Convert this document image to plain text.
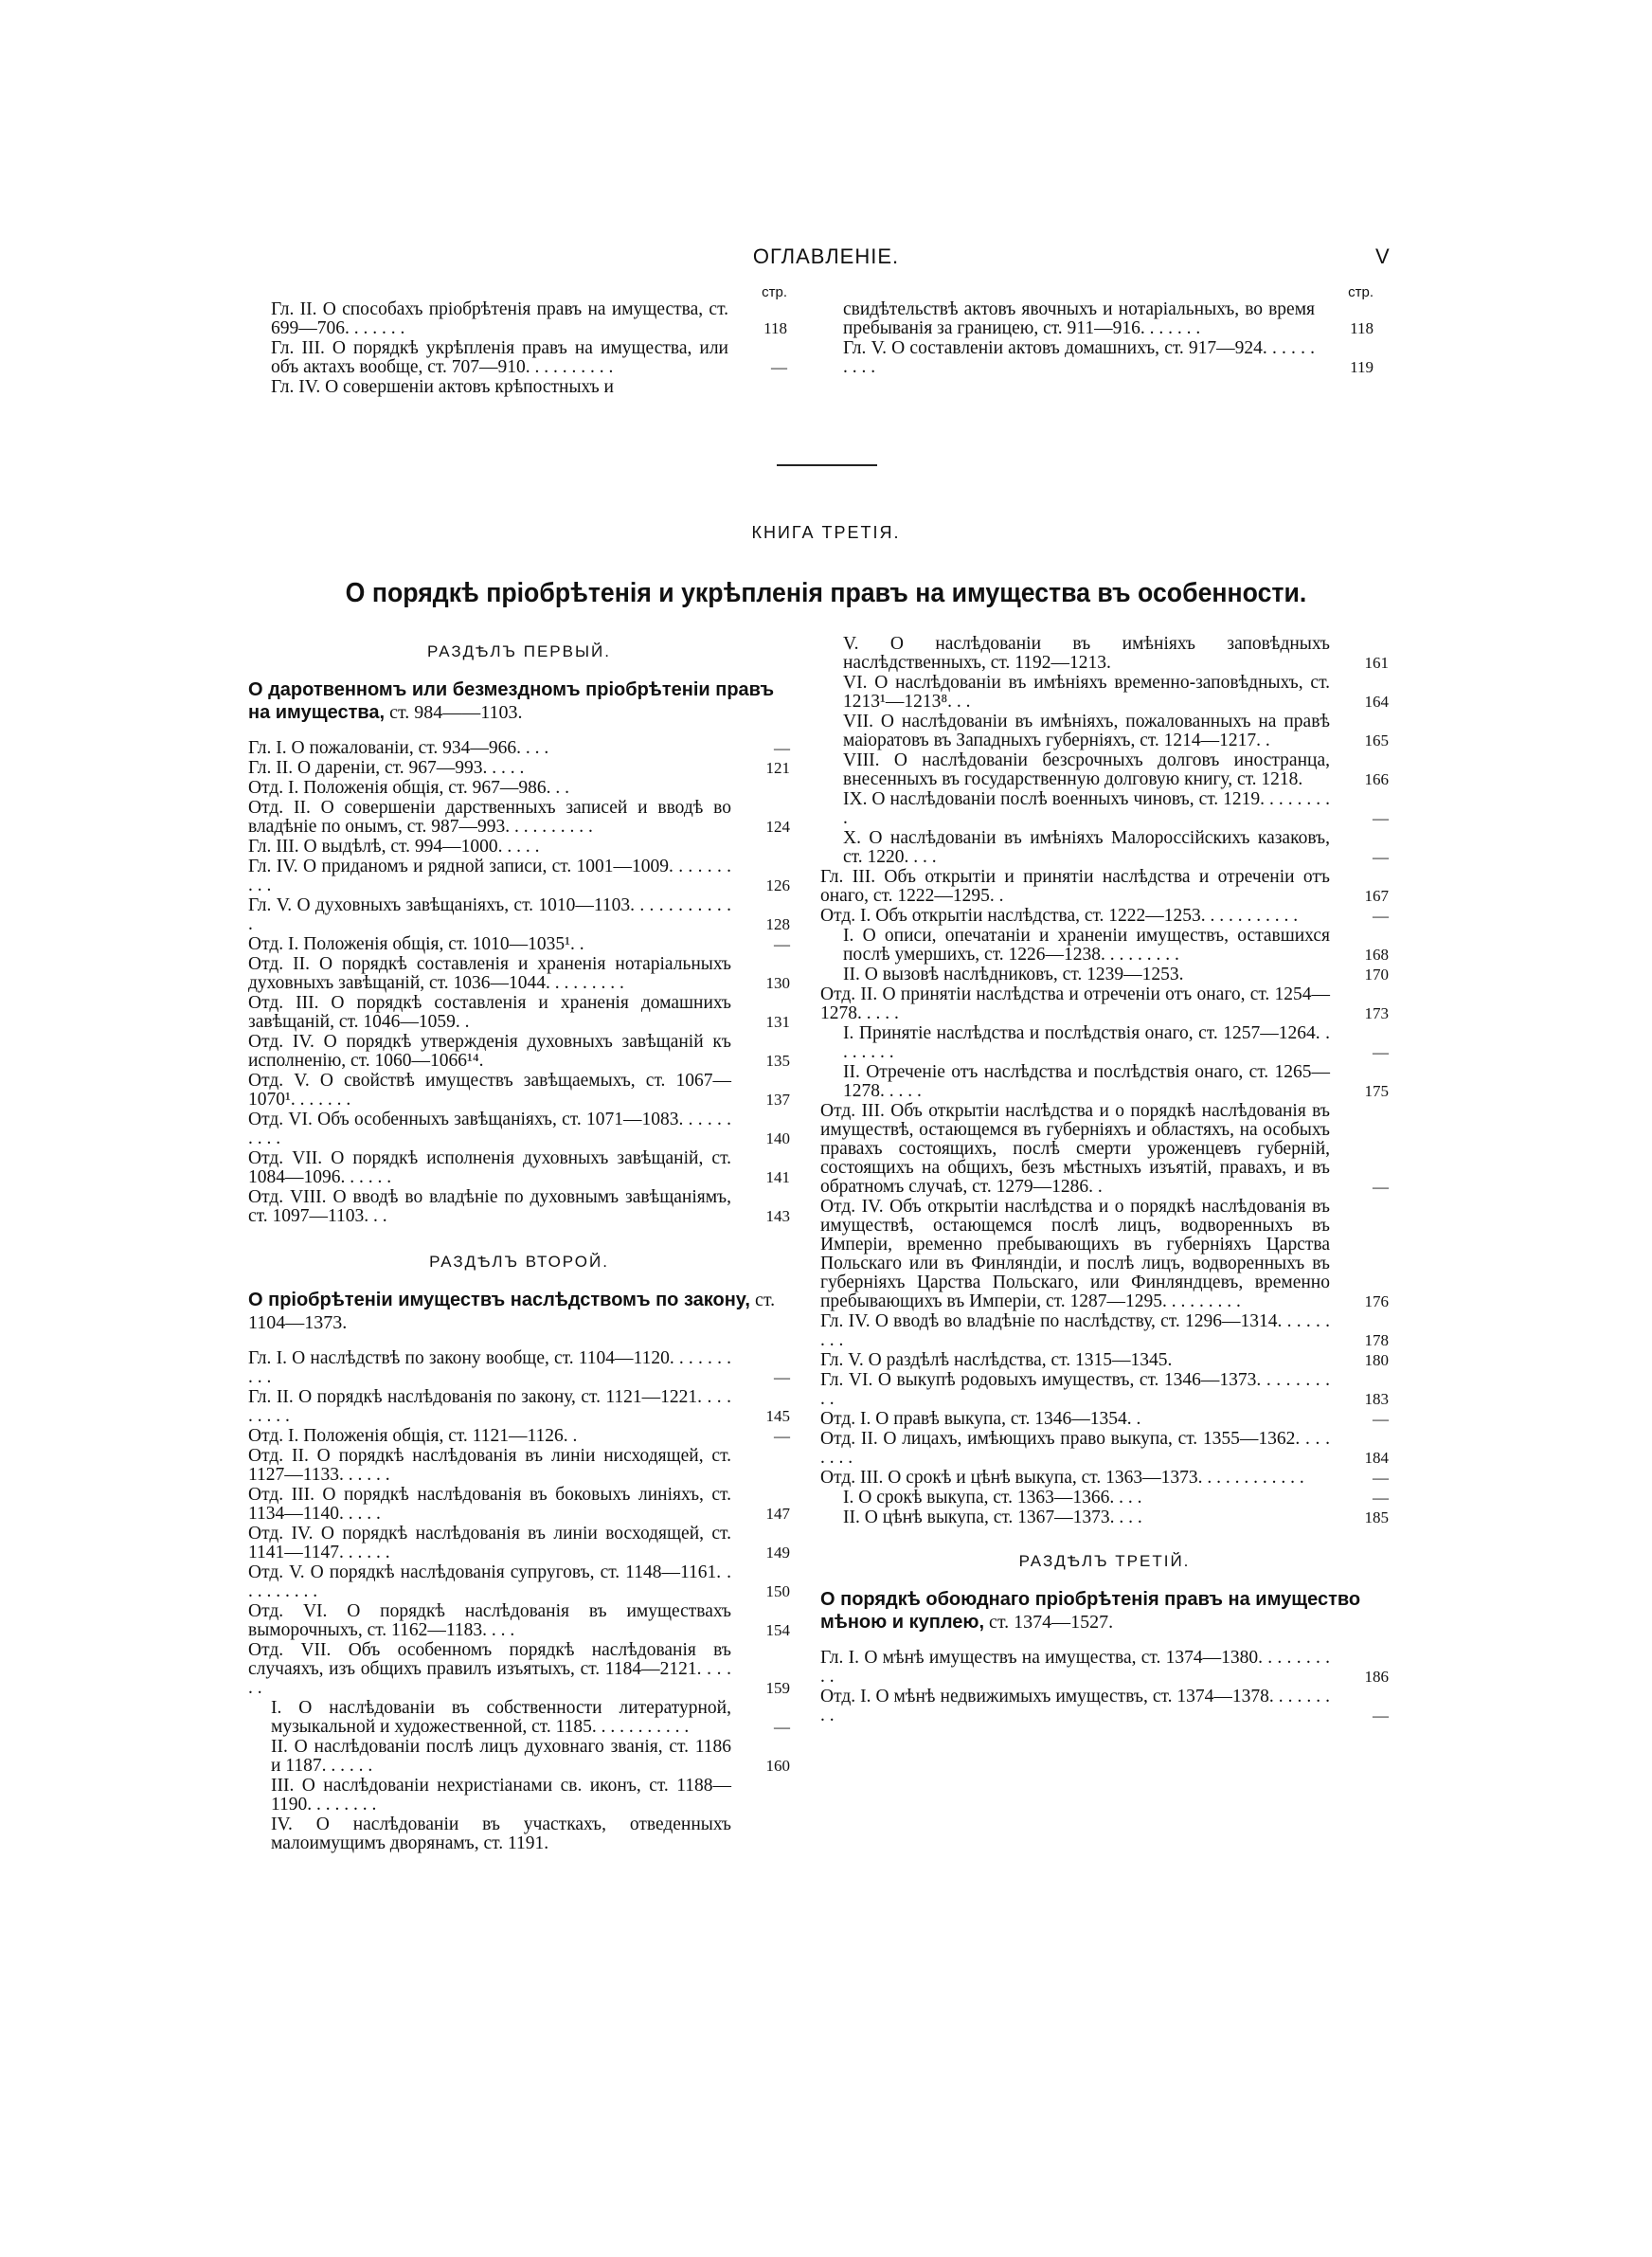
ОГЛАВЛЕНІЕ.	V
стр.
Гл. II. О способахъ пріобрѣтенія правъ на имущества, ст. 699—706. . . . . . .	118
Гл. III. О порядкѣ укрѣпленія правъ на имущества, или объ актахъ вообще, ст. 707—910. . . . . . . . . .	—
Гл. IV. О совершеніи актовъ крѣпостныхъ и
стр.
свидѣтельствѣ актовъ явочныхъ и нотаріальныхъ, во время пребыванія за границею, ст. 911—916. . . . . . .	118
Гл. V. О составленіи актовъ домашнихъ, ст. 917—924. . . . . . . . . .	119
КНИГА ТРЕТІЯ.
О порядкѣ пріобрѣтенія и укрѣпленія правъ на имущества въ особенности.
РАЗДѢЛЪ ПЕРВЫЙ.
О даротвенномъ или безмездномъ пріобрѣтеніи правъ на имущества, ст. 984——1103.
Гл. I. О пожалованіи, ст. 934—966. . . .	—
Гл. II. О дареніи, ст. 967—993. . . . .	121
Отд. I. Положенія общія, ст. 967—986. . .
Отд. II. О совершеніи дарственныхъ записей и вводѣ во владѣніе по онымъ, ст. 987—993. . . . . . . . . .	124
Гл. III. О выдѣлѣ, ст. 994—1000. . . . .
Гл. IV. О приданомъ и рядной записи, ст. 1001—1009. . . . . . . . . .	126
Гл. V. О духовныхъ завѣщаніяхъ, ст. 1010—1103. . . . . . . . . . . .	128
Отд. I. Положенія общія, ст. 1010—1035¹. .	—
Отд. II. О порядкѣ составленія и храненія нотаріальныхъ духовныхъ завѣщаній, ст. 1036—1044. . . . . . . . .	130
Отд. III. О порядкѣ составленія и храненія домашнихъ завѣщаній, ст. 1046—1059. .	131
Отд. IV. О порядкѣ утвержденія духовныхъ завѣщаній къ исполненію, ст. 1060—1066¹⁴.	135
Отд. V. О свойствѣ имуществъ завѣщаемыхъ, ст. 1067—1070¹. . . . . . .	137
Отд. VI. Объ особенныхъ завѣщаніяхъ, ст. 1071—1083. . . . . . . . . .	140
Отд. VII. О порядкѣ исполненія духовныхъ завѣщаній, ст. 1084—1096. . . . . .	141
Отд. VIII. О вводѣ во владѣніе по духовнымъ завѣщаніямъ, ст. 1097—1103. . .	143
РАЗДѢЛЪ ВТОРОЙ.
О пріобрѣтеніи имуществъ наслѣдствомъ по закону, ст. 1104—1373.
Гл. I. О наслѣдствѣ по закону вообще, ст. 1104—1120. . . . . . . . . .	—
Гл. II. О порядкѣ наслѣдованія по закону, ст. 1121—1221. . . . . . . . .	145
Отд. I. Положенія общія, ст. 1121—1126. .	—
Отд. II. О порядкѣ наслѣдованія въ линіи нисходящей, ст. 1127—1133. . . . . .
Отд. III. О порядкѣ наслѣдованія въ боковыхъ линіяхъ, ст. 1134—1140. . . . .	147
Отд. IV. О порядкѣ наслѣдованія въ линіи восходящей, ст. 1141—1147. . . . . .	149
Отд. V. О порядкѣ наслѣдованія супруговъ, ст. 1148—1161. . . . . . . . . .	150
Отд. VI. О порядкѣ наслѣдованія въ имуществахъ выморочныхъ, ст. 1162—1183. . . .	154
Отд. VII. Объ особенномъ порядкѣ наслѣдованія въ случаяхъ, изъ общихъ правилъ изъятыхъ, ст. 1184—2121. . . . . .	159
I. О наслѣдованіи въ собственности литературной, музыкальной и художественной, ст. 1185. . . . . . . . . . .	—
II. О наслѣдованіи послѣ лицъ духовнаго званія, ст. 1186 и 1187. . . . . .	160
III. О наслѣдованіи нехристіанами св. иконъ, ст. 1188—1190. . . . . . . .
IV. О наслѣдованіи въ участкахъ, отведенныхъ малоимущимъ дворянамъ, ст. 1191.
V. О наслѣдованіи въ имѣніяхъ заповѣдныхъ наслѣдственныхъ, ст. 1192—1213.	161
VI. О наслѣдованіи въ имѣніяхъ временно-заповѣдныхъ, ст. 1213¹—1213⁸. . .	164
VII. О наслѣдованіи въ имѣніяхъ, пожалованныхъ на правѣ маіоратовъ въ Западныхъ губерніяхъ, ст. 1214—1217. .	165
VIII. О наслѣдованіи безсрочныхъ долговъ иностранца, внесенныхъ въ государственную долговую книгу, ст. 1218.	166
IX. О наслѣдованіи послѣ военныхъ чиновъ, ст. 1219. . . . . . . . .	—
X. О наслѣдованіи въ имѣніяхъ Малороссійскихъ казаковъ, ст. 1220. . . .	—
Гл. III. Объ открытіи и принятіи наслѣдства и отреченіи отъ онаго, ст. 1222—1295. .	167
Отд. I. Объ открытіи наслѣдства, ст. 1222—1253. . . . . . . . . . .	—
I. О описи, опечатаніи и храненіи имуществъ, оставшихся послѣ умершихъ, ст. 1226—1238. . . . . . . . .	168
II. О вызовѣ наслѣдниковъ, ст. 1239—1253.	170
Отд. II. О принятіи наслѣдства и отреченіи отъ онаго, ст. 1254—1278. . . . .	173
I. Принятіе наслѣдства и послѣдствія онаго, ст. 1257—1264. . . . . . . .	—
II. Отреченіе отъ наслѣдства и послѣдствія онаго, ст. 1265—1278. . . . .	175
Отд. III. Объ открытіи наслѣдства и о порядкѣ наслѣдованія въ имуществѣ, остающемся въ губерніяхъ и областяхъ, на особыхъ правахъ состоящихъ, послѣ смерти уроженцевъ губерній, состоящихъ на общихъ, безъ мѣстныхъ изъятій, правахъ, и въ обратномъ случаѣ, ст. 1279—1286. .	—
Отд. IV. Объ открытіи наслѣдства и о порядкѣ наслѣдованія въ имуществѣ, остающемся послѣ лицъ, водворенныхъ въ Имперіи, временно пребывающихъ въ губерніяхъ Царства Польскаго или въ Финляндіи, и послѣ лицъ, водворенныхъ въ губерніяхъ Царства Польскаго, или Финляндцевъ, временно пребывающихъ въ Имперіи, ст. 1287—1295. . . . . . . . .	176
Гл. IV. О вводѣ во владѣніе по наслѣдству, ст. 1296—1314. . . . . . . . .	178
Гл. V. О раздѣлѣ наслѣдства, ст. 1315—1345.	180
Гл. VI. О выкупѣ родовыхъ имуществъ, ст. 1346—1373. . . . . . . . . .	183
Отд. I. О правѣ выкупа, ст. 1346—1354. .	—
Отд. II. О лицахъ, имѣющихъ право выкупа, ст. 1355—1362. . . . . . . .	184
Отд. III. О срокѣ и цѣнѣ выкупа, ст. 1363—1373. . . . . . . . . . . .	—
I. О срокѣ выкупа, ст. 1363—1366. . . .	—
II. О цѣнѣ выкупа, ст. 1367—1373. . . .	185
РАЗДѢЛЪ ТРЕТІЙ.
О порядкѣ обоюднаго пріобрѣтенія правъ на имущество мѣною и куплею, ст. 1374—1527.
Гл. I. О мѣнѣ имуществъ на имущества, ст. 1374—1380. . . . . . . . . .	186
Отд. I. О мѣнѣ недвижимыхъ имуществъ, ст. 1374—1378. . . . . . . . .	—
